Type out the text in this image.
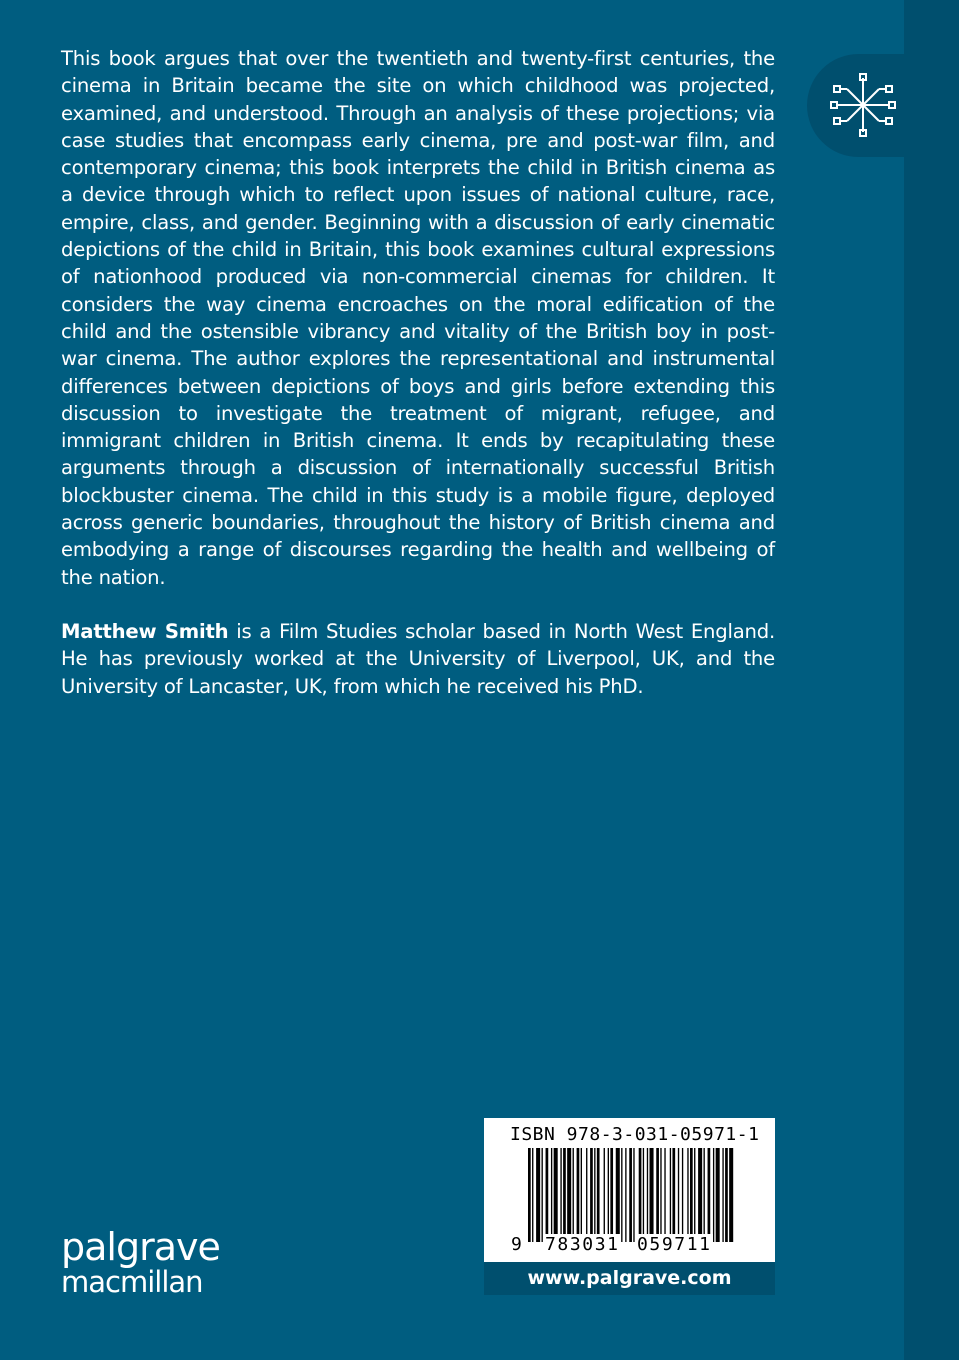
This book argues that over the twentieth and twenty-first centuries, the cinema in Britain became the site on which childhood was projected, examined, and understood. Through an analysis of these projections; via case studies that encompass early cinema, pre and post-war film, and contemporary cinema; this book interprets the child in British cinema as a device through which to reflect upon issues of national culture, race, empire, class, and gender. Beginning with a discussion of early cinematic depictions of the child in Britain, this book examines cultural expressions of nationhood produced via non-commercial cinemas for children. It considers the way cinema encroaches on the moral edification of the child and the ostensible vibrancy and vitality of the British boy in post-war cinema. The author explores the representational and instrumental differences between depictions of boys and girls before extending this discussion to investigate the treatment of migrant, refugee, and immigrant children in British cinema. It ends by recapitulating these arguments through a discussion of internationally successful British blockbuster cinema. The child in this study is a mobile figure, deployed across generic boundaries, throughout the history of British cinema and embodying a range of discourses regarding the health and wellbeing of the nation.

Matthew Smith is a Film Studies scholar based in North West England. He has previously worked at the University of Liverpool, UK, and the University of Lancaster, UK, from which he received his PhD.

palgrave
macmillan
ISBN 978-3-031-05971-1
9 783031 059711
www.palgrave.com
